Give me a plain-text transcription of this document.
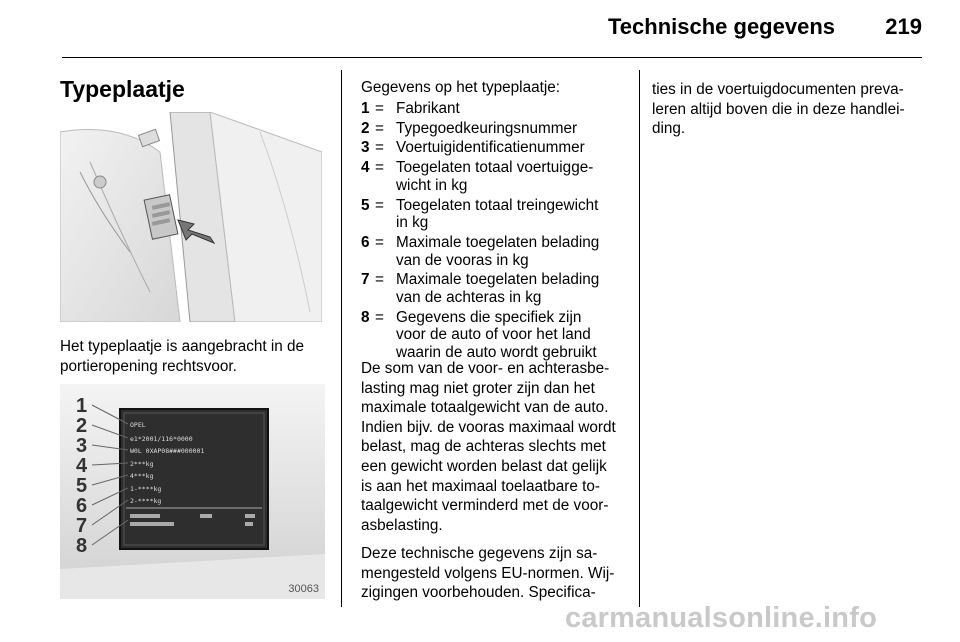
Technische gegevens 219
Typeplaatje

Het typeplaatje is aangebracht in de portieropening rechtsvoor.

OPEL
e1*2001/116*0000
W0L 0XAP08###000001
2***kg
4***kg
1-****kg
2-****kg
1
2
3
4
5
6
7
8
30063

Gegevens op het typeplaatje:

1 = Fabrikant
2 = Typegoedkeuringsnummer
3 = Voertuigidentificatienummer
4 = Toegelaten totaal voertuigge-
wicht in kg
5 = Toegelaten totaal treingewicht
in kg
6 = Maximale toegelaten belading
van de vooras in kg
7 = Maximale toegelaten belading
van de achteras in kg
8 = Gegevens die specifiek zijn
voor de auto of voor het land
waarin de auto wordt gebruikt

De som van de voor- en achterasbe-
lasting mag niet groter zijn dan het
maximale totaalgewicht van de auto.
Indien bijv. de vooras maximaal wordt
belast, mag de achteras slechts met
een gewicht worden belast dat gelijk
is aan het maximaal toelaatbare to-
taalgewicht verminderd met de voor-
asbelasting.

Deze technische gegevens zijn sa-
mengesteld volgens EU-normen. Wij-
zigingen voorbehouden. Specifica-

ties in de voertuigdocumenten preva-
leren altijd boven die in deze handlei-
ding.

carmanualsonline.info
